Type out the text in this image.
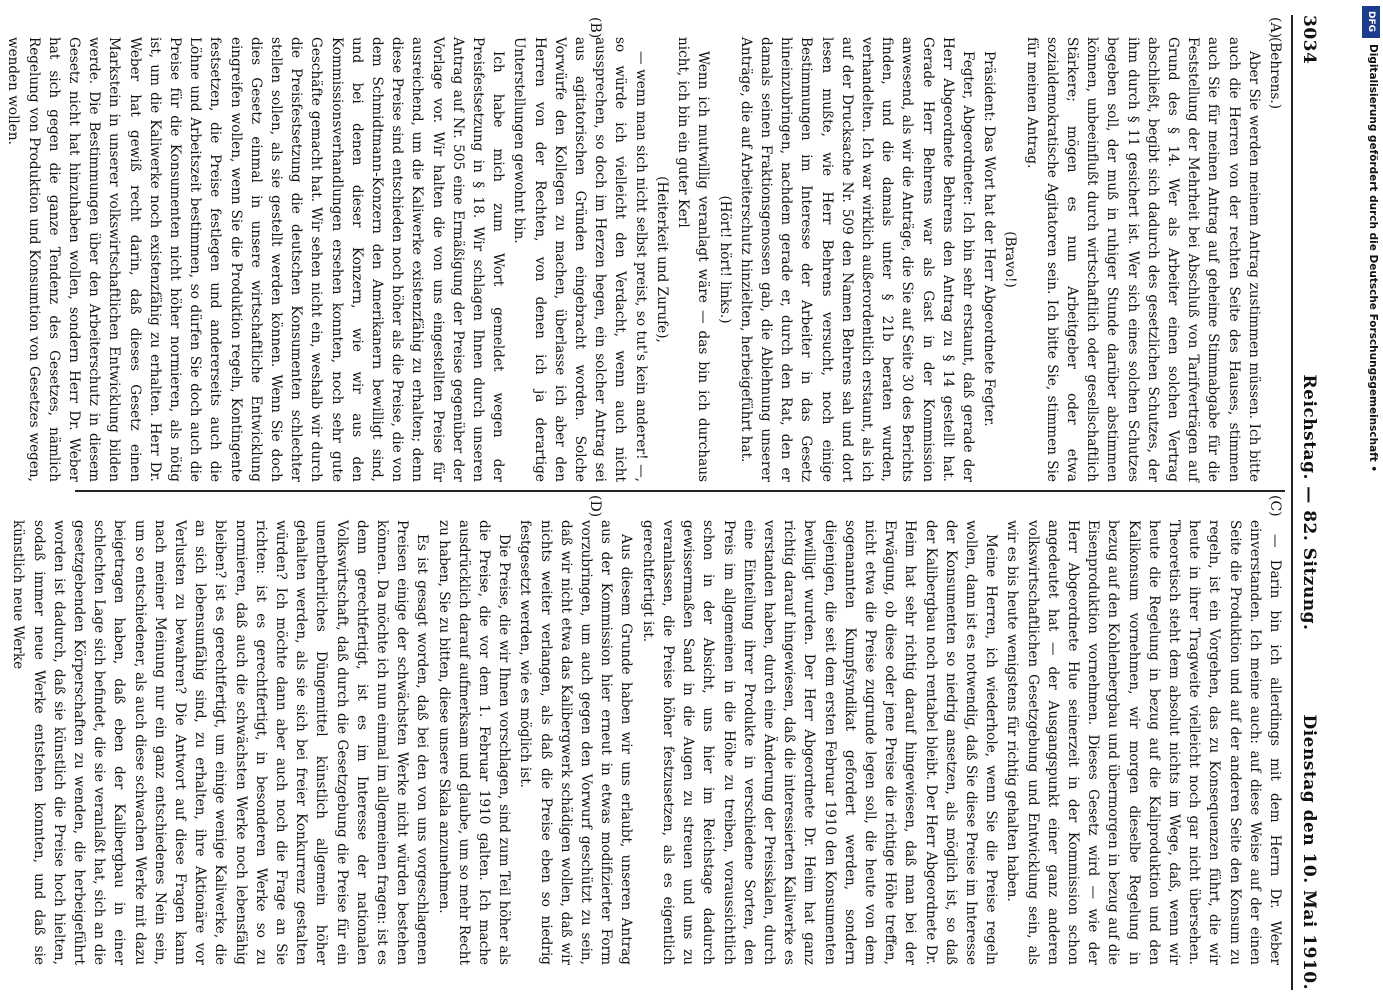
3034
Reichstag. — 82. Sitzung.
Dienstag den 10. Mai 1910.
(A)
(B)
(C)
(D)

(Behrens.)

Aber Sie werden meinem Antrag zustimmen müssen. Ich bitte auch die Herren von der rechten Seite des Hauses, stimmen auch Sie für meinen Antrag auf geheime Stimmabgabe für die Feststellung der Mehrheit bei Abschluß von Tarifverträgen auf Grund des § 14. Wer als Arbeiter einen solchen Vertrag abschließt, begibt sich dadurch des gesetzlichen Schutzes, der ihm durch § 11 gesichert ist. Wer sich eines solchen Schutzes begeben soll, der muß in ruhiger Stunde darüber abstimmen können, unbeeinflußt durch wirtschaftlich oder gesellschaftlich Stärkere; mögen es nun Arbeitgeber oder etwa sozialdemokratische Agitatoren sein. Ich bitte Sie, stimmen Sie für meinen Antrag.

(Bravo!)

Präsident: Das Wort hat der Herr Abgeordnete Fegter.

Fegter, Abgeordneter: Ich bin sehr erstaunt, daß gerade der Herr Abgeordnete Behrens den Antrag zu § 14 gestellt hat. Gerade Herr Behrens war als Gast in der Kommission anwesend, als wir die Anträge, die Sie auf Seite 30 des Berichts finden, und die damals unter § 21b beraten wurden, verhandelten. Ich war wirklich außerordentlich erstaunt, als ich auf der Drucksache Nr. 509 den Namen Behrens sah und dort lesen mußte, wie Herr Behrens versucht, noch einige Bestimmungen im Interesse der Arbeiter in das Gesetz hineinzubringen, nachdem gerade er, durch den Rat, den er damals seinen Fraktionsgenossen gab, die Ablehnung unserer Anträge, die auf Arbeiterschutz hinzielten, herbeigeführt hat.

(Hört! hört! links.)

Wenn ich mutwillig veranlagt wäre — das bin ich durchaus nicht, ich bin ein guter Kerl

(Heiterkeit und Zurufe),

— wenn man sich nicht selbst preist, so tut's kein anderer! —, so würde ich vielleicht den Verdacht, wenn auch nicht aussprechen, so doch im Herzen hegen, ein solcher Antrag sei aus agitatorischen Gründen eingebracht worden. Solche Vorwürfe den Kollegen zu machen, überlasse ich aber den Herren von der Rechten, von denen ich ja derartige Unterstellungen gewohnt bin.

Ich habe mich zum Wort gemeldet wegen der Preisfestsetzung in § 18. Wir schlagen Ihnen durch unseren Antrag auf Nr. 505 eine Ermäßigung der Preise gegenüber der Vorlage vor. Wir halten die von uns eingestellten Preise für ausreichend, um die Kaliwerke existenzfähig zu erhalten; denn diese Preise sind entschieden noch höher als die Preise, die von dem Schmidtmann-Konzern den Amerikanern bewilligt sind, und bei denen dieser Konzern, wie wir aus den Kommissionsverhandlungen ersehen konnten, noch sehr gute Geschäfte gemacht hat. Wir sehen nicht ein, weshalb wir durch die Preisfestsetzung die deutschen Konsumenten schlechter stellen sollen, als sie gestellt werden können. Wenn Sie doch dies Gesetz einmal in unsere wirtschaftliche Entwicklung eingreifen wollen, wenn Sie die Produktion regeln, Kontingente festsetzen, die Preise festlegen und andererseits auch die Löhne und Arbeitszeit bestimmen, so dürfen Sie doch auch die Preise für die Konsumenten nicht höher normieren, als nötig ist, um die Kaliwerke noch existenzfähig zu erhalten. Herr Dr. Weber hat gewiß recht darin, daß dieses Gesetz einen Markstein in unserer volkswirtschaftlichen Entwicklung bilden werde. Die Bestimmungen über den Arbeiterschutz in diesem Gesetz nicht hat hinzuhaben wollen, sondern Herr Dr. Weber hat sich gegen die ganze Tendenz des Gesetzes, nämlich Regelung von Produktion und Konsumtion von Gesetzes wegen, wenden wollen.

— Darin bin ich allerdings mit dem Herrn Dr. Weber einverstanden. Ich meine auch: auf diese Weise auf der einen Seite die Produktion und auf der anderen Seite den Konsum zu regeln, ist ein Vorgehen, das zu Konsequenzen führt, die wir heute in ihrer Tragweite vielleicht noch gar nicht übersehen. Theoretisch steht dem absolut nichts im Wege, daß, wenn wir heute die Regelung in bezug auf die Kaliproduktion und den Kalikonsum vornehmen, wir morgen dieselbe Regelung in bezug auf den Kohlenbergbau und übermorgen in bezug auf die Eisenproduktion vornehmen. Dieses Gesetz wird — wie der Herr Abgeordnete Hue seinerzeit in der Kommission schon angedeutet hat — der Ausgangspunkt einer ganz anderen volkswirtschaftlichen Gesetzgebung und Entwicklung sein, als wir es bis heute wenigstens für richtig gehalten haben.

Meine Herren, ich wiederhole, wenn Sie die Preise regeln wollen, dann ist es notwendig, daß Sie diese Preise im Interesse der Konsumenten so niedrig ansetzen, als möglich ist, so daß der Kalibergbau noch rentabel bleibt. Der Herr Abgeordnete Dr. Heim hat sehr richtig darauf hingewiesen, daß man bei der Erwägung, ob diese oder jene Preise die richtige Höhe treffen, nicht etwa die Preise zugrunde legen soll, die heute von dem sogenannten Kumpfsyndikat gefordert werden, sondern diejenigen, die seit dem ersten Februar 1910 den Konsumenten bewilligt wurden. Der Herr Abgeordnete Dr. Heim hat ganz richtig darauf hingewiesen, daß die interessierten Kaliwerke es verstanden haben, durch eine Änderung der Preisskalen, durch eine Einteilung ihrer Produkte in verschiedene Sorten, den Preis im allgemeinen in die Höhe zu treiben, voraussichtlich schon in der Absicht, uns hier im Reichstage dadurch gewissermaßen Sand in die Augen zu streuen und uns zu veranlassen, die Preise höher festzusetzen, als es eigentlich gerechtfertigt ist.

Aus diesem Grunde haben wir uns erlaubt, unseren Antrag aus der Kommission hier erneut in etwas modifizierter Form vorzubringen, um auch gegen den Vorwurf geschützt zu sein, daß wir nicht etwa das Kalibergwerk schädigen wollen, daß wir nichts weiter verlangen, als daß die Preise eben so niedrig festgesetzt werden, wie es möglich ist.

Die Preise, die wir Ihnen vorschlagen, sind zum Teil höher als die Preise, die vor dem 1. Februar 1910 galten. Ich mache ausdrücklich darauf aufmerksam und glaube, um so mehr Recht zu haben, Sie zu bitten, diese unsere Skala anzunehmen.

Es ist gesagt worden, daß bei den von uns vorgeschlagenen Preisen einige der schwächsten Werke nicht würden bestehen können. Da möchte ich nun einmal im allgemeinen fragen: ist es denn gerechtfertigt, ist es im Interesse der nationalen Volkswirtschaft, daß durch die Gesetzgebung die Preise für ein unentbehrliches Düngemittel künstlich allgemein höher gehalten werden, als sie sich bei freier Konkurrenz gestalten würden? Ich möchte dann aber auch noch die Frage an Sie richten: ist es gerechtfertigt, in besonderen Werke so zu normieren, daß auch die schwächsten Werke noch lebensfähig bleiben? ist es gerechtfertigt, um einige wenige Kaliwerke, die an sich lebensunfähig sind, zu erhalten, ihre Aktionäre vor Verlusten zu bewahren? Die Antwort auf diese Fragen kann nach meiner Meinung nur ein ganz entschiedenes Nein sein, um so entschiedener, als auch diese schwachen Werke mit dazu beigetragen haben, daß eben der Kalibergbau in einer schlechten Lage sich befindet, die sie veranlaßt hat, sich an die gesetzgebenden Körperschaften zu wenden, die herbeigeführt worden ist dadurch, daß sie künstlich die Preise hoch hielten, sodaß immer neue Werke entstehen konnten, und daß sie künstlich neue Werke

DFG
Digitalisierung gefördert durch die Deutsche Forschungsgemeinschaft •
